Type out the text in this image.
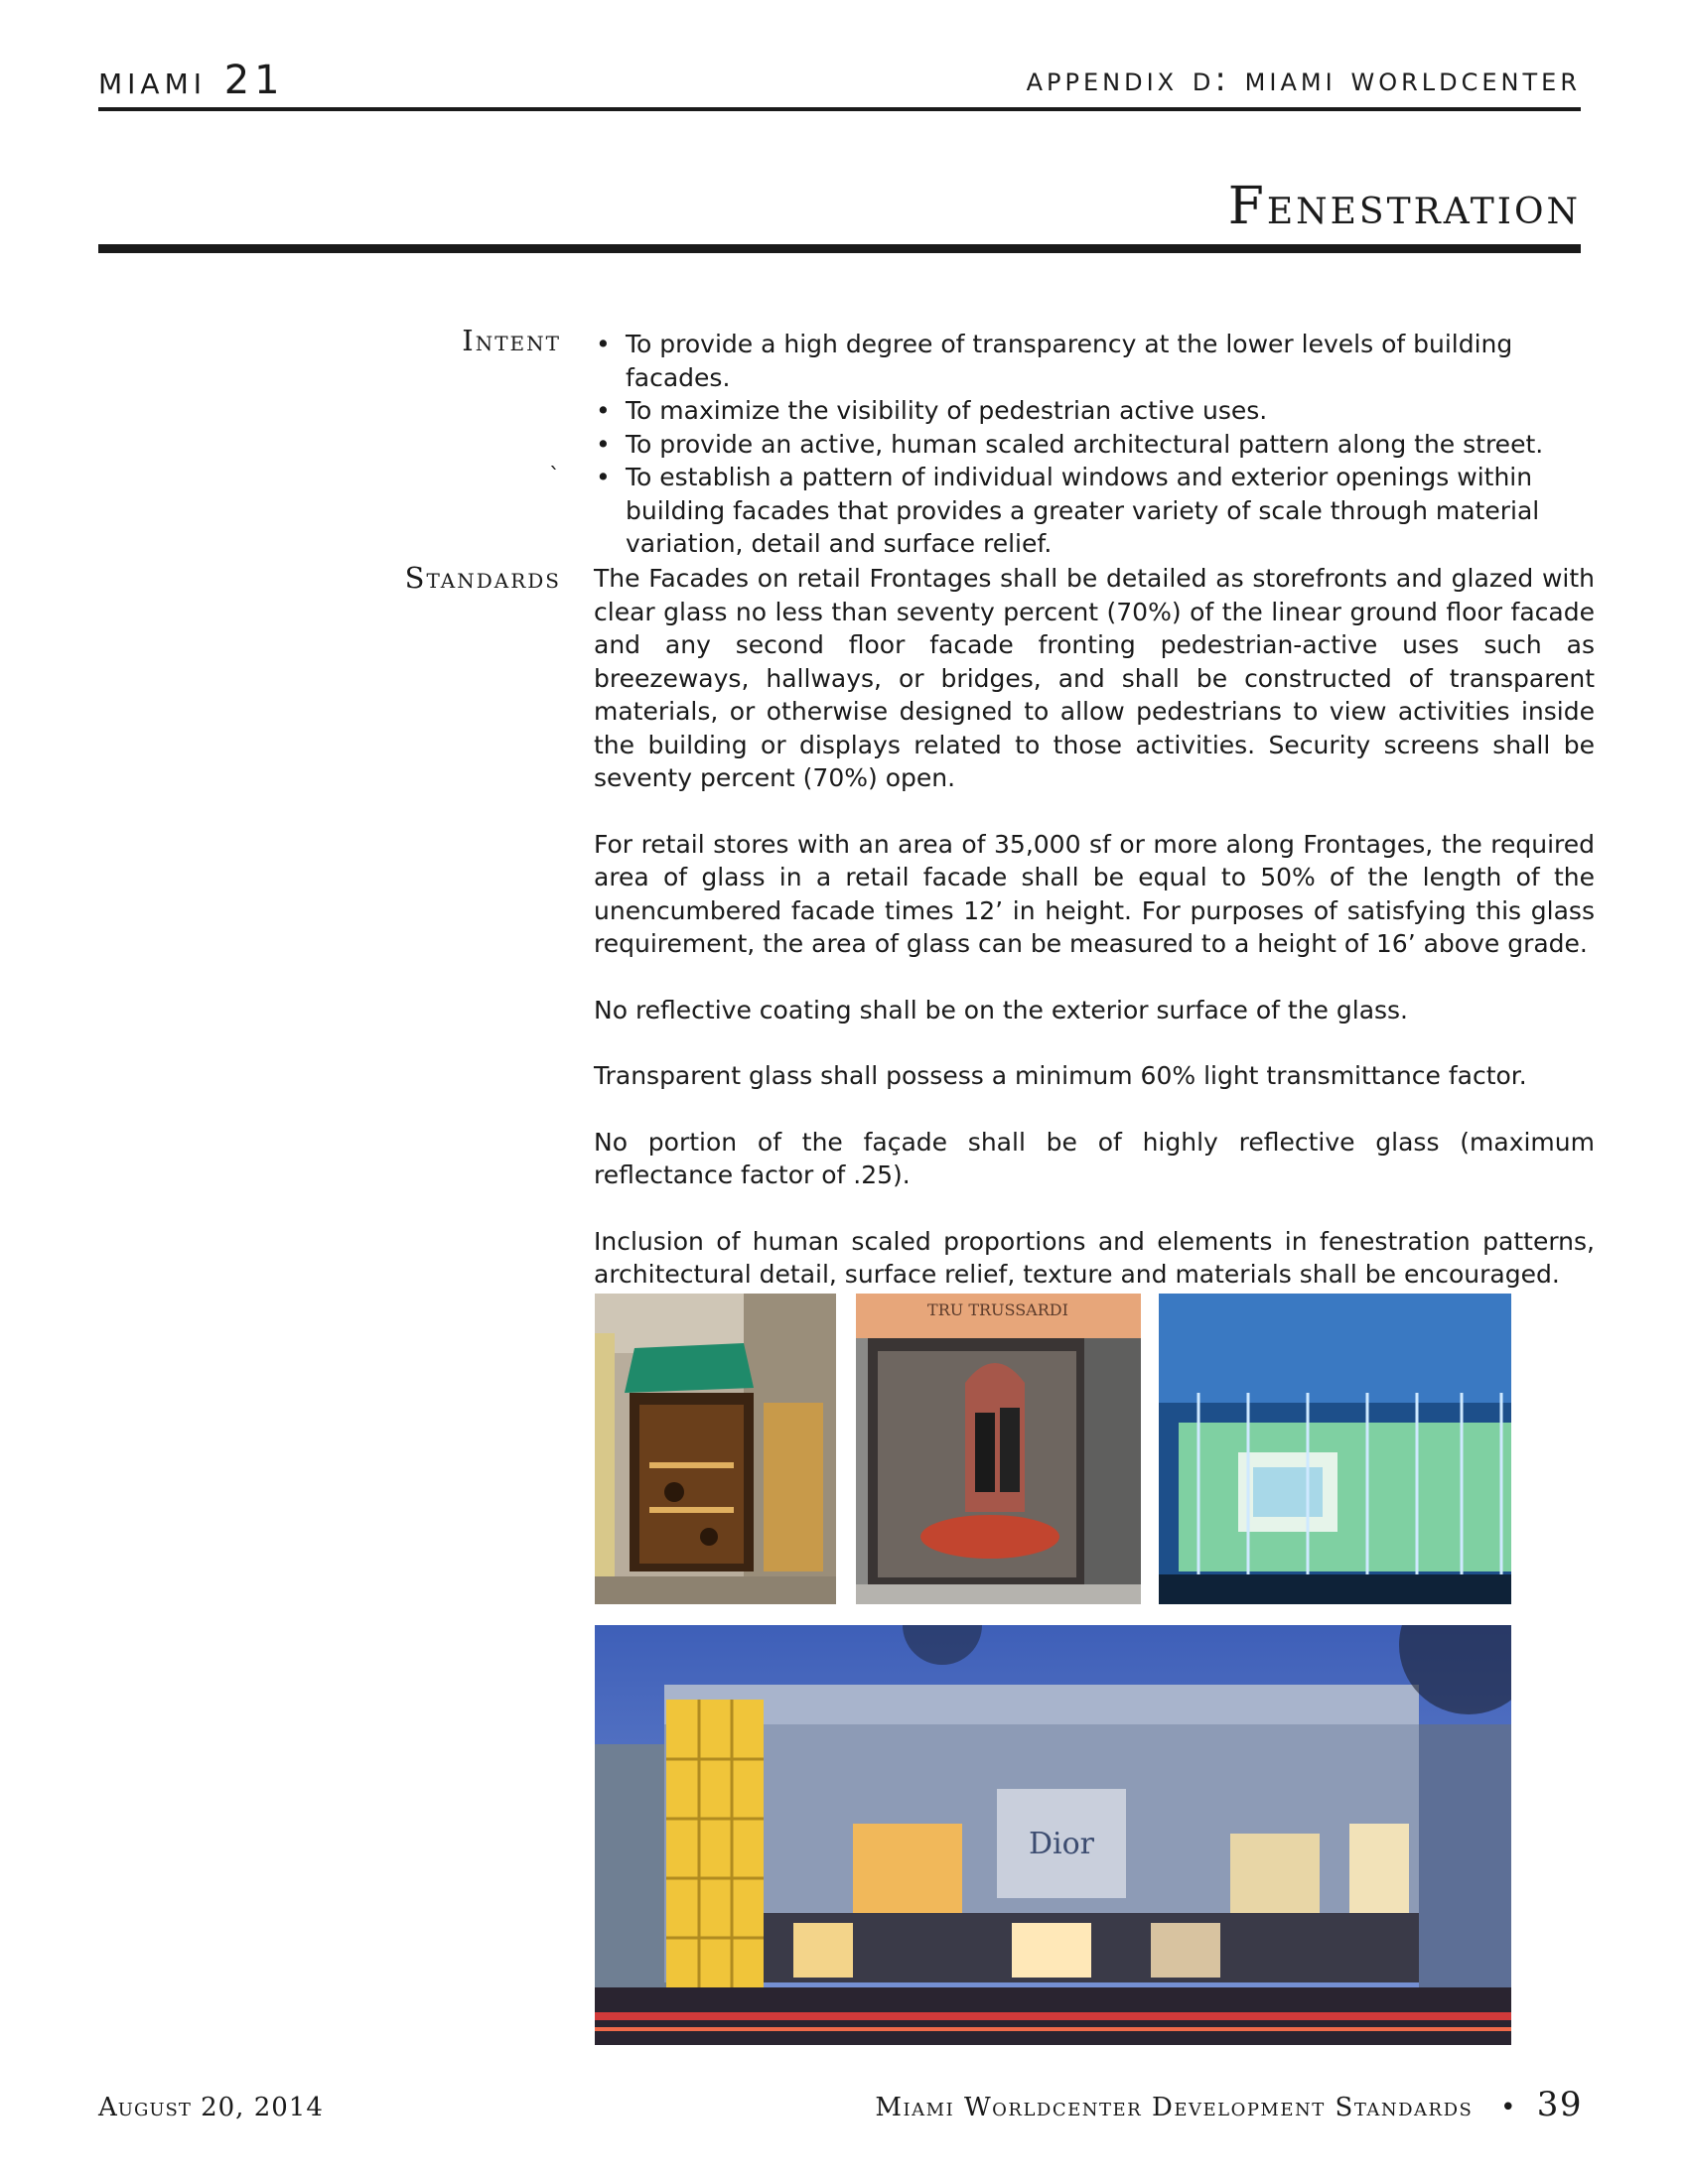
miami 21	appendix d: miami worldcenter
Fenestration
Intent	• To provide a high degree of transparency at the lower levels of building facades.
• To maximize the visibility of pedestrian active uses.
• To provide an active, human scaled architectural pattern along the street.
• To establish a pattern of individual windows and exterior openings within building facades that provides a greater variety of scale through material variation, detail and surface relief.
`
Standards The Facades on retail Frontages shall be detailed as storefronts and glazed with clear glass no less than seventy percent (70%) of the linear ground floor facade and any second floor facade fronting pedestrian-active uses such as breezeways, hallways, or bridges, and shall be constructed of transparent materials, or otherwise designed to allow pedestrians to view activities inside the building or displays related to those activities. Security screens shall be seventy percent (70%) open.

For retail stores with an area of 35,000 sf or more along Frontages, the required area of glass in a retail facade shall be equal to 50% of the length of the unencumbered facade times 12’ in height. For purposes of satisfying this glass requirement, the area of glass can be measured to a height of 16’ above grade.

No reflective coating shall be on the exterior surface of the glass.

Transparent glass shall possess a minimum 60% light transmittance factor.

No portion of the façade shall be of highly reflective glass (maximum reflectance factor of .25).

Inclusion of human scaled proportions and elements in fenestration patterns, architectural detail, surface relief, texture and materials shall be encouraged.

TRU TRUSSARDI
Dior
August 20, 2014	Miami Worldcenter Development Standards • 39
